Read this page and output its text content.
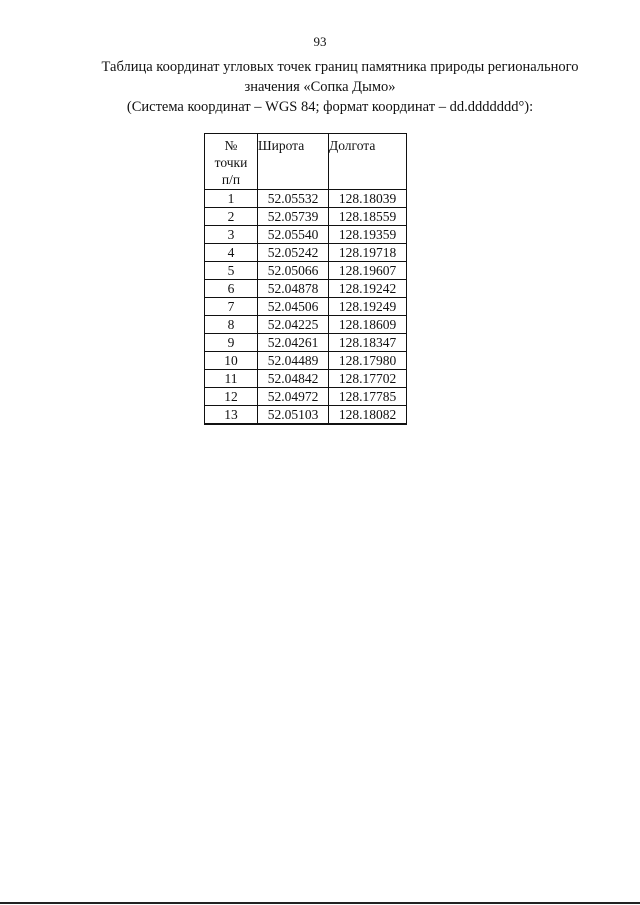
93
Таблица координат угловых точек границ памятника природы регионального
значения «Сопка Дымо»
(Система координат – WGS 84; формат координат – dd.ddddddd°):
№
точки
п/п	Широта	Долгота
1	52.05532	128.18039
2	52.05739	128.18559
3	52.05540	128.19359
4	52.05242	128.19718
5	52.05066	128.19607
6	52.04878	128.19242
7	52.04506	128.19249
8	52.04225	128.18609
9	52.04261	128.18347
10	52.04489	128.17980
11	52.04842	128.17702
12	52.04972	128.17785
13	52.05103	128.18082
